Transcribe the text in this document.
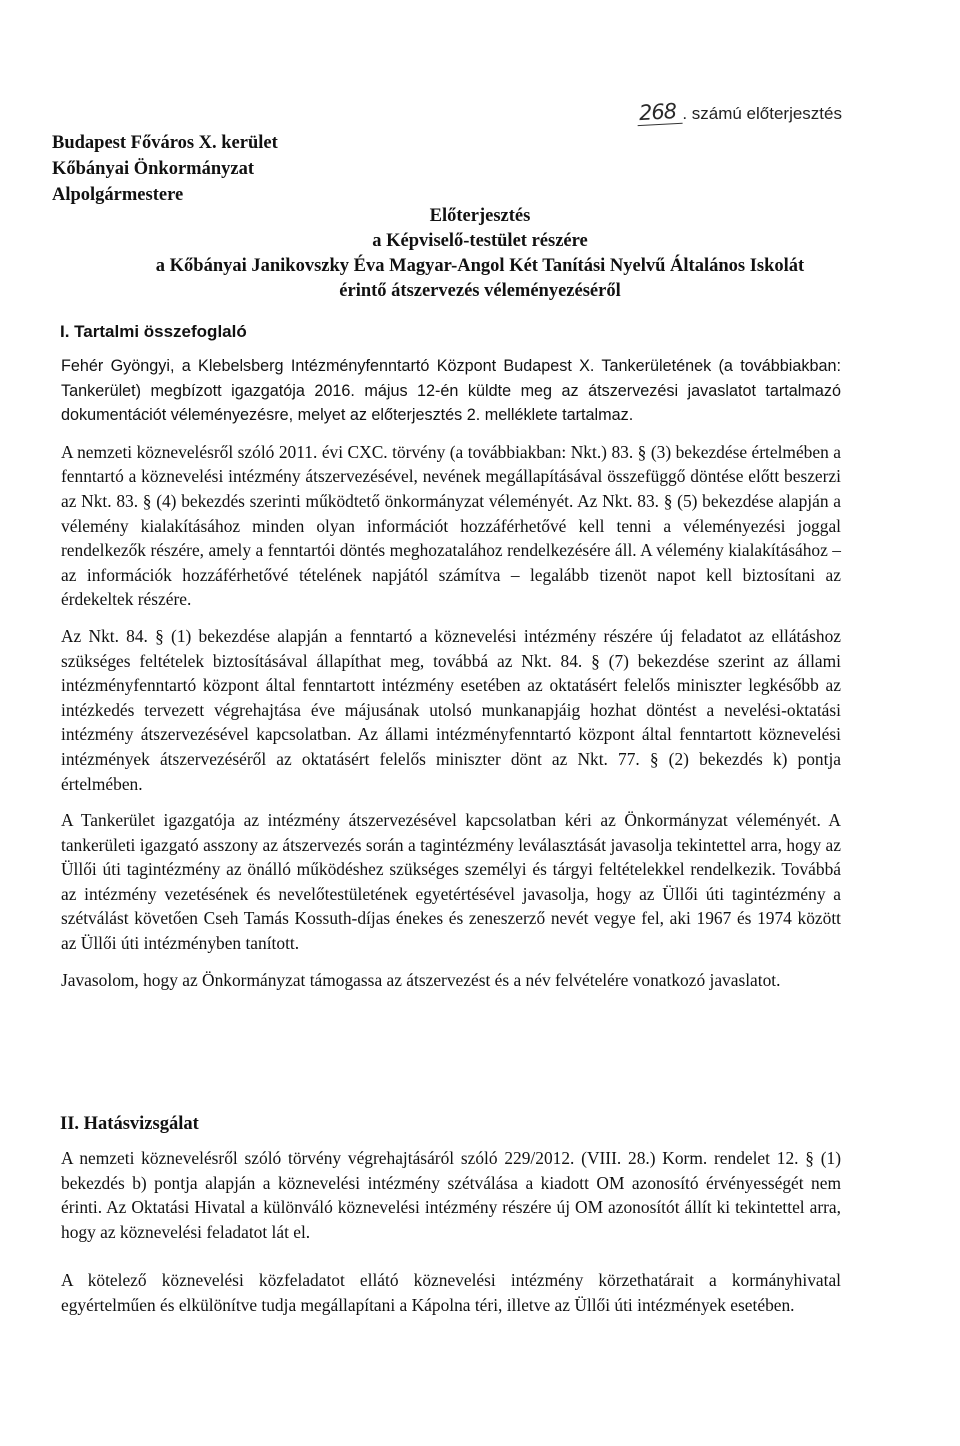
268 . számú előterjesztés
Budapest Főváros X. kerület
Kőbányai Önkormányzat
Alpolgármestere
Előterjesztés
a Képviselő-testület részére
a Kőbányai Janikovszky Éva Magyar-Angol Két Tanítási Nyelvű Általános Iskolát
érintő átszervezés véleményezéséről
I. Tartalmi összefoglaló

Fehér Gyöngyi, a Klebelsberg Intézményfenntartó Központ Budapest X. Tankerületének (a továbbiakban: Tankerület) megbízott igazgatója 2016. május 12-én küldte meg az átszervezési javaslatot tartalmazó dokumentációt véleményezésre, melyet az előterjesztés 2. melléklete tartalmaz.

A nemzeti köznevelésről szóló 2011. évi CXC. törvény (a továbbiakban: Nkt.) 83. § (3) bekezdése értelmében a fenntartó a köznevelési intézmény átszervezésével, nevének megállapításával összefüggő döntése előtt beszerzi az Nkt. 83. § (4) bekezdés szerinti működtető önkormányzat véleményét. Az Nkt. 83. § (5) bekezdése alapján a vélemény kialakításához minden olyan információt hozzáférhetővé kell tenni a véleményezési joggal rendelkezők részére, amely a fenntartói döntés meghozatalához rendelkezésére áll. A vélemény kialakításához – az információk hozzáférhetővé tételének napjától számítva – legalább tizenöt napot kell biztosítani az érdekeltek részére.

Az Nkt. 84. § (1) bekezdése alapján a fenntartó a köznevelési intézmény részére új feladatot az ellátáshoz szükséges feltételek biztosításával állapíthat meg, továbbá az Nkt. 84. § (7) bekezdése szerint az állami intézményfenntartó központ által fenntartott intézmény esetében az oktatásért felelős miniszter legkésőbb az intézkedés tervezett végrehajtása éve májusának utolsó munkanapjáig hozhat döntést a nevelési-oktatási intézmény átszervezésével kapcsolatban. Az állami intézményfenntartó központ által fenntartott köznevelési intézmények átszervezéséről az oktatásért felelős miniszter dönt az Nkt. 77. § (2) bekezdés k) pontja értelmében.

A Tankerület igazgatója az intézmény átszervezésével kapcsolatban kéri az Önkormányzat véleményét. A tankerületi igazgató asszony az átszervezés során a tagintézmény leválasztását javasolja tekintettel arra, hogy az Üllői úti tagintézmény az önálló működéshez szükséges személyi és tárgyi feltételekkel rendelkezik. Továbbá az intézmény vezetésének és nevelőtestületének egyetértésével javasolja, hogy az Üllői úti tagintézmény a szétválást követően Cseh Tamás Kossuth-díjas énekes és zeneszerző nevét vegye fel, aki 1967 és 1974 között az Üllői úti intézményben tanított.

Javasolom, hogy az Önkormányzat támogassa az átszervezést és a név felvételére vonatkozó javaslatot.

II. Hatásvizsgálat

A nemzeti köznevelésről szóló törvény végrehajtásáról szóló 229/2012. (VIII. 28.) Korm. rendelet 12. § (1) bekezdés b) pontja alapján a köznevelési intézmény szétválása a kiadott OM azonosító érvényességét nem érinti. Az Oktatási Hivatal a különváló köznevelési intézmény részére új OM azonosítót állít ki tekintettel arra, hogy az köznevelési feladatot lát el.

A kötelező köznevelési közfeladatot ellátó köznevelési intézmény körzethatárait a kormányhivatal egyértelműen és elkülönítve tudja megállapítani a Kápolna téri, illetve az Üllői úti intézmények esetében.
